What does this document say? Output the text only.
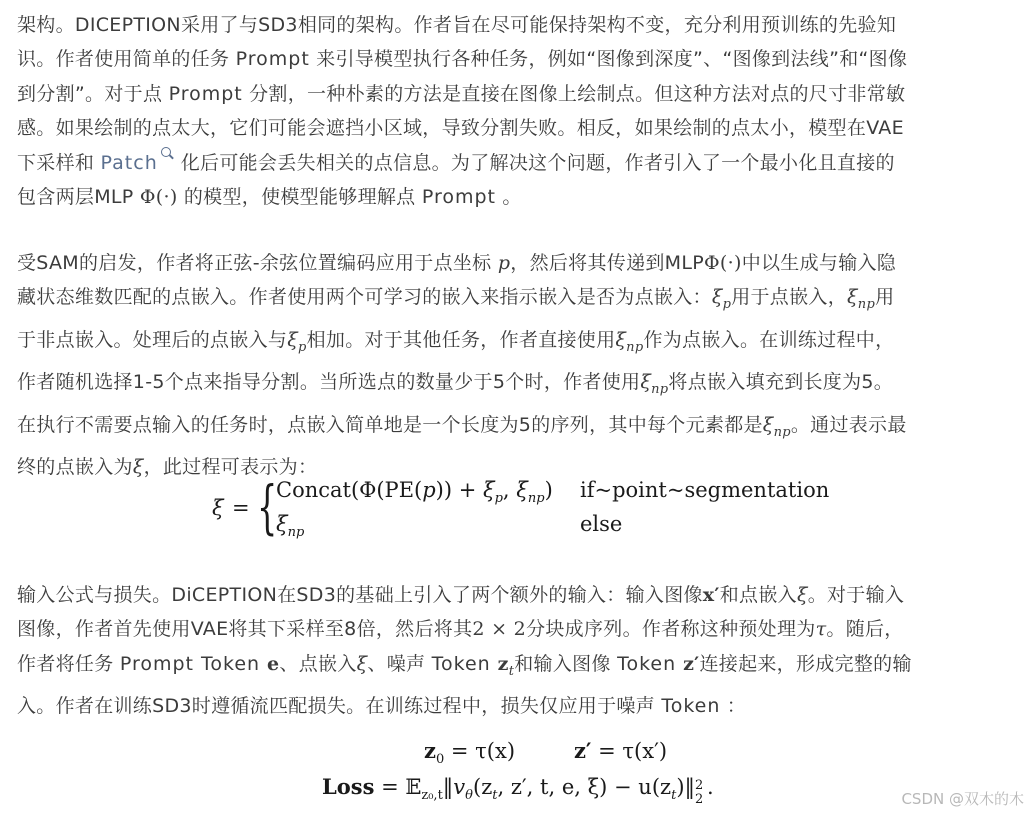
架构。DICEPTION采用了与SD3相同的架构。作者旨在尽可能保持架构不变，充分利用预训练的先验知

识。作者使用简单的任务 Prompt 来引导模型执行各种任务，例如“图像到深度”、“图像到法线”和“图像

到分割”。对于点 Prompt 分割，一种朴素的方法是直接在图像上绘制点。但这种方法对点的尺寸非常敏

感。如果绘制的点太大，它们可能会遮挡小区域，导致分割失败。相反，如果绘制的点太小，模型在VAE

下采样和 Patch 化后可能会丢失相关的点信息。为了解决这个问题，作者引入了一个最小化且直接的

包含两层MLP Φ(·) 的模型，使模型能够理解点 Prompt 。

受SAM的启发，作者将正弦-余弦位置编码应用于点坐标 p，然后将其传递到MLPΦ(·)中以生成与输入隐

藏状态维数匹配的点嵌入。作者使用两个可学习的嵌入来指示嵌入是否为点嵌入：$\xi_p$用于点嵌入，$\xi_{np}$用

于非点嵌入。处理后的点嵌入与$\xi_p$相加。对于其他任务，作者直接使用$\xi_{np}$作为点嵌入。在训练过程中，

作者随机选择1-5个点来指导分割。当所选点的数量少于5个时，作者使用$\xi_{np}$将点嵌入填充到长度为5。

在执行不需要点输入的任务时，点嵌入简单地是一个长度为5的序列，其中每个元素都是$\xi_{np}$。通过表示最

终的点嵌入为ξ，此过程可表示为：

ξ = {
Concat(Φ(PE(p)) + $\xi_p$, $\xi_{np}$)
$\xi_{np}$
if~point~segmentation
else

输入公式与损失。DiCEPTION在SD3的基础上引入了两个额外的输入：输入图像x′和点嵌入ξ。对于输入

图像，作者首先使用VAE将其下采样至8倍，然后将其2 × 2分块成序列。作者称这种预处理为τ。随后，

作者将任务 Prompt Token e、点嵌入ξ、噪声 Token $z_t$和输入图像 Token z′连接起来，形成完整的输

入。作者在训练SD3时遵循流匹配损失。在训练过程中，损失仅应用于噪声 Token ：

$z_0 = \tau(x)$	z′ = τ(x′)
Loss = $𝔼_{z_0,t}‖v_\theta(z_t$, z′, t, e, $\xi) - u(z_t)‖$ 2
2
.	CSDN @双木的木
